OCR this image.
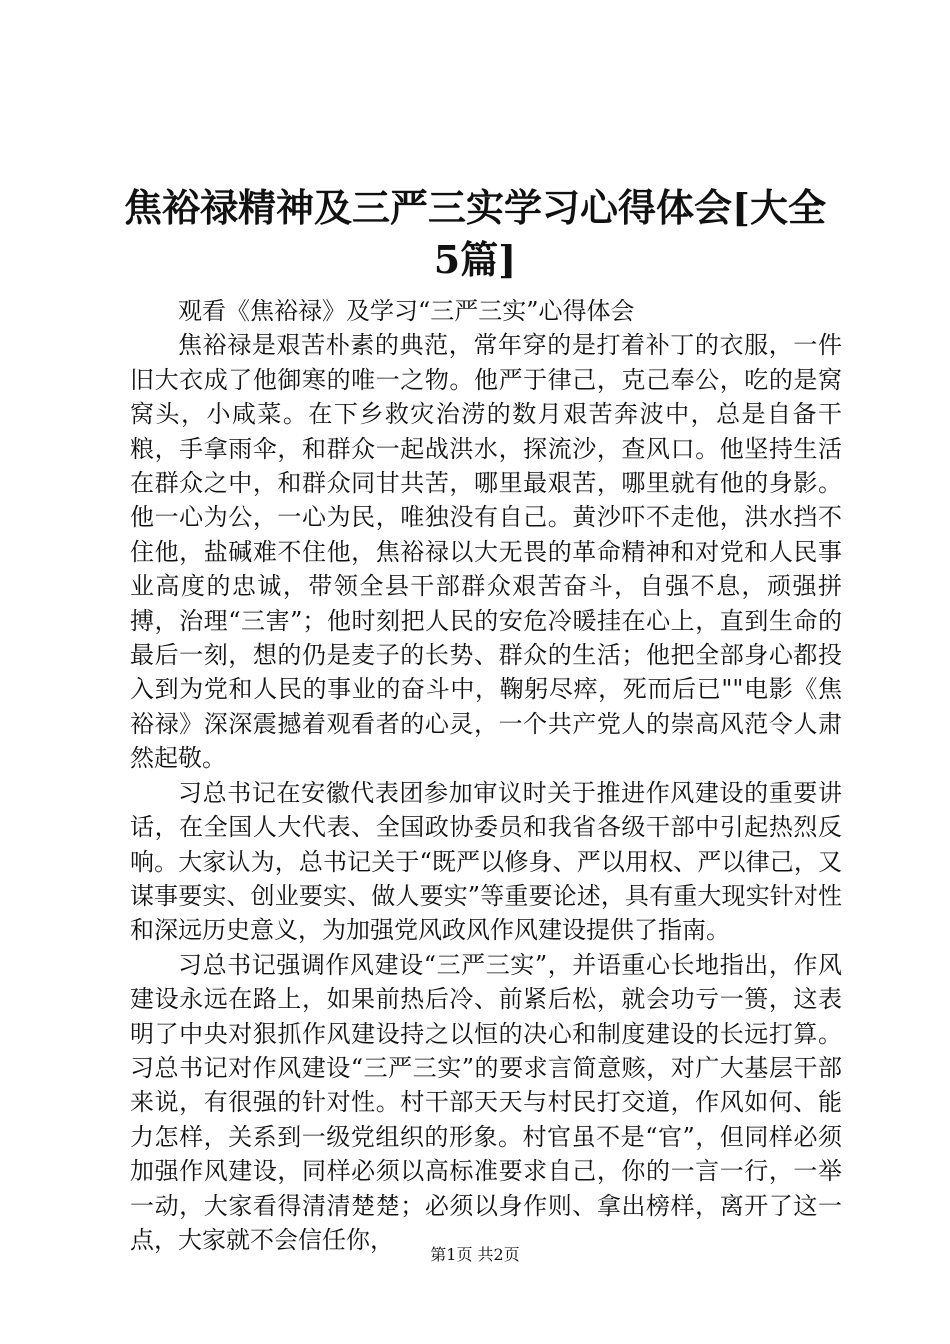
焦裕禄精神及三严三实学习心得体会[大全5篇]
观看《焦裕禄》及学习“三严三实”心得体会

焦裕禄是艰苦朴素的典范，常年穿的是打着补丁的衣服，一件旧大衣成了他御寒的唯一之物。他严于律己，克己奉公，吃的是窝窝头，小咸菜。在下乡救灾治涝的数月艰苦奔波中，总是自备干粮，手拿雨伞，和群众一起战洪水，探流沙，查风口。他坚持生活在群众之中，和群众同甘共苦，哪里最艰苦，哪里就有他的身影。他一心为公，一心为民，唯独没有自己。黄沙吓不走他，洪水挡不住他，盐碱难不住他，焦裕禄以大无畏的革命精神和对党和人民事业高度的忠诚，带领全县干部群众艰苦奋斗，自强不息，顽强拼搏，治理“三害”；他时刻把人民的安危冷暖挂在心上，直到生命的最后一刻，想的仍是麦子的长势、群众的生活；他把全部身心都投入到为党和人民的事业的奋斗中，鞠躬尽瘁，死而后已""电影《焦裕禄》深深震撼着观看者的心灵，一个共产党人的崇高风范令人肃然起敬。

习总书记在安徽代表团参加审议时关于推进作风建设的重要讲话，在全国人大代表、全国政协委员和我省各级干部中引起热烈反响。大家认为，总书记关于“既严以修身、严以用权、严以律己，又谋事要实、创业要实、做人要实”等重要论述，具有重大现实针对性和深远历史意义，为加强党风政风作风建设提供了指南。

习总书记强调作风建设“三严三实”，并语重心长地指出，作风建设永远在路上，如果前热后冷、前紧后松，就会功亏一篑，这表明了中央对狠抓作风建设持之以恒的决心和制度建设的长远打算。习总书记对作风建设“三严三实”的要求言简意赅，对广大基层干部来说，有很强的针对性。村干部天天与村民打交道，作风如何、能力怎样，关系到一级党组织的形象。村官虽不是“官”，但同样必须加强作风建设，同样必须以高标准要求自己，你的一言一行，一举一动，大家看得清清楚楚；必须以身作则、拿出榜样，离开了这一点，大家就不会信任你，

第1页 共2页
